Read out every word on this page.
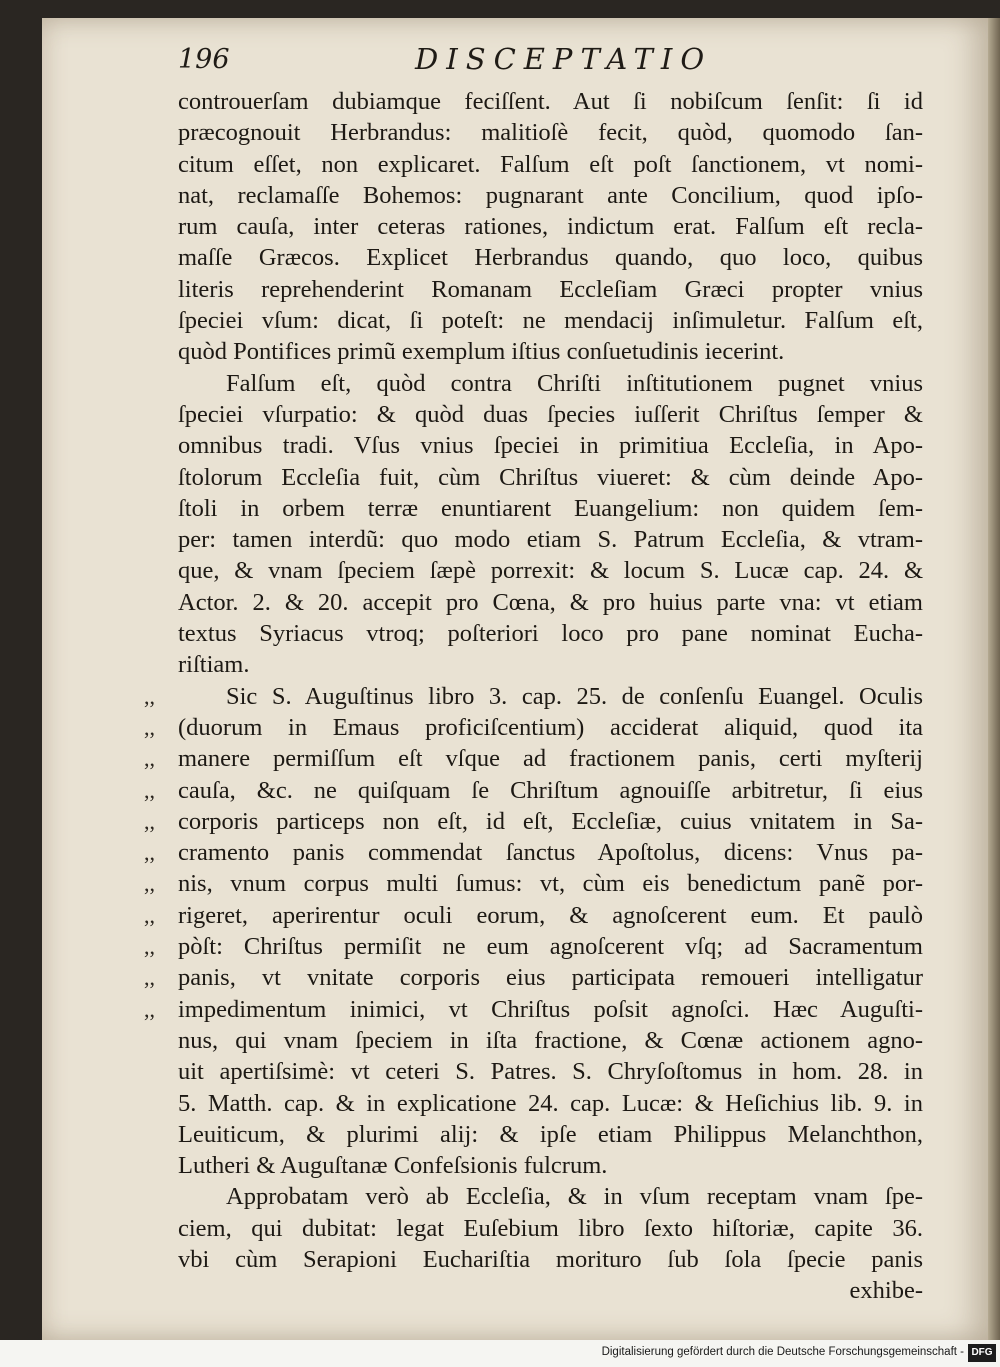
196	DISCEPTATIO
controuerſam dubiamque feciſſent. Aut ſi nobiſcum ſenſit: ſi id
præcognouit Herbrandus: malitioſè fecit, quòd, quomodo ſan-
citum eſſet, non explicaret. Falſum eſt poſt ſanctionem, vt nomi-
nat, reclamaſſe Bohemos: pugnarant ante Concilium, quod ipſo-
rum cauſa, inter ceteras rationes, indictum erat. Falſum eſt recla-
maſſe Græcos. Explicet Herbrandus quando, quo loco, quibus
literis reprehenderint Romanam Eccleſiam Græci propter vnius
ſpeciei vſum: dicat, ſi poteſt: ne mendacij inſimuletur. Falſum eſt,
quòd Pontifices primũ exemplum iſtius conſuetudinis iecerint.
Falſum eſt, quòd contra Chriſti inſtitutionem pugnet vnius
ſpeciei vſurpatio: & quòd duas ſpecies iuſſerit Chriſtus ſemper &
omnibus tradi. Vſus vnius ſpeciei in primitiua Eccleſia, in Apo-
ſtolorum Eccleſia fuit, cùm Chriſtus viueret: & cùm deinde Apo-
ſtoli in orbem terræ enuntiarent Euangelium: non quidem ſem-
per: tamen interdũ: quo modo etiam S. Patrum Eccleſia, & vtram-
que, & vnam ſpeciem ſæpè porrexit: & locum S. Lucæ cap. 24. &
Actor. 2. & 20. accepit pro Cœna, & pro huius parte vna: vt etiam
textus Syriacus vtroq; poſteriori loco pro pane nominat Eucha-
riſtiam.
,,	Sic S. Auguſtinus libro 3. cap. 25. de conſenſu Euangel. Oculis
,, (duorum in Emaus proficiſcentium) acciderat aliquid, quod ita
,, manere permiſſum eſt vſque ad fractionem panis, certi myſterij
,, cauſa, &c. ne quiſquam ſe Chriſtum agnouiſſe arbitretur, ſi eius
,, corporis particeps non eſt, id eſt, Eccleſiæ, cuius vnitatem in Sa-
,, cramento panis commendat ſanctus Apoſtolus, dicens: Vnus pa-
,, nis, vnum corpus multi ſumus: vt, cùm eis benedictum panẽ por-
,, rigeret, aperirentur oculi eorum, & agnoſcerent eum. Et paulò
,, pòſt: Chriſtus permiſit ne eum agnoſcerent vſq; ad Sacramentum
,, panis, vt vnitate corporis eius participata remoueri intelligatur
,, impedimentum inimici, vt Chriſtus poſsit agnoſci. Hæc Auguſti-
nus, qui vnam ſpeciem in iſta fractione, & Cœnæ actionem agno-
uit apertiſsimè: vt ceteri S. Patres. S. Chryſoſtomus in hom. 28. in
5. Matth. cap. & in explicatione 24. cap. Lucæ: & Heſichius lib. 9. in
Leuiticum, & plurimi alij: & ipſe etiam Philippus Melanchthon,
Lutheri & Auguſtanæ Confeſsionis fulcrum.
Approbatam verò ab Eccleſia, & in vſum receptam vnam ſpe-
ciem, qui dubitat: legat Euſebium libro ſexto hiſtoriæ, capite 36.
vbi cùm Serapioni Euchariſtia morituro ſub ſola ſpecie panis
exhibe-
Digitalisierung gefördert durch die Deutsche Forschungsgemeinschaft - DFG
